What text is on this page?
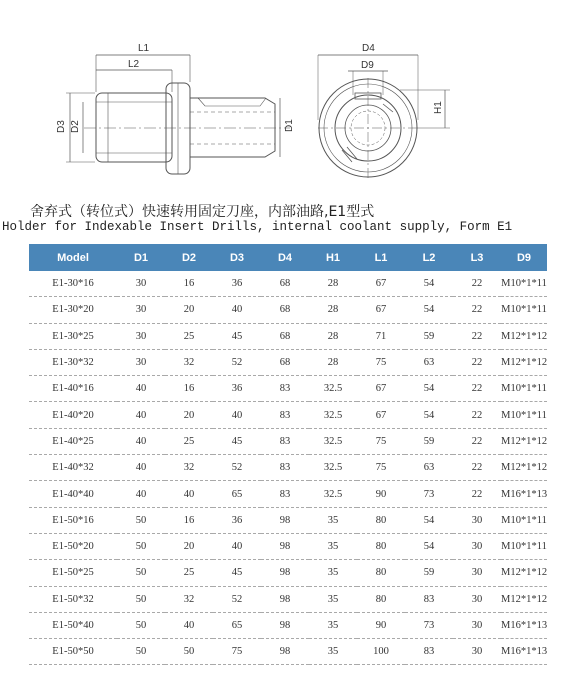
L1
L2
D3 D2	D1
D4
D9
H1
舍弃式（转位式）快速转用固定刀座，内部油路,E1型式
Holder for Indexable Insert Drills, internal coolant supply, Form E1
Model	D1	D2	D3	D4	H1	L1	L2	L3	D9
E1-30*16	30	16	36	68	28	67	54	22	M10*1*11
E1-30*20	30	20	40	68	28	67	54	22	M10*1*11
E1-30*25	30	25	45	68	28	71	59	22	M12*1*12
E1-30*32	30	32	52	68	28	75	63	22	M12*1*12
E1-40*16	40	16	36	83	32.5	67	54	22	M10*1*11
E1-40*20	40	20	40	83	32.5	67	54	22	M10*1*11
E1-40*25	40	25	45	83	32.5	75	59	22	M12*1*12
E1-40*32	40	32	52	83	32.5	75	63	22	M12*1*12
E1-40*40	40	40	65	83	32.5	90	73	22	M16*1*13
E1-50*16	50	16	36	98	35	80	54	30	M10*1*11
E1-50*20	50	20	40	98	35	80	54	30	M10*1*11
E1-50*25	50	25	45	98	35	80	59	30	M12*1*12
E1-50*32	50	32	52	98	35	80	83	30	M12*1*12
E1-50*40	50	40	65	98	35	90	73	30	M16*1*13
E1-50*50	50	50	75	98	35	100	83	30	M16*1*13
